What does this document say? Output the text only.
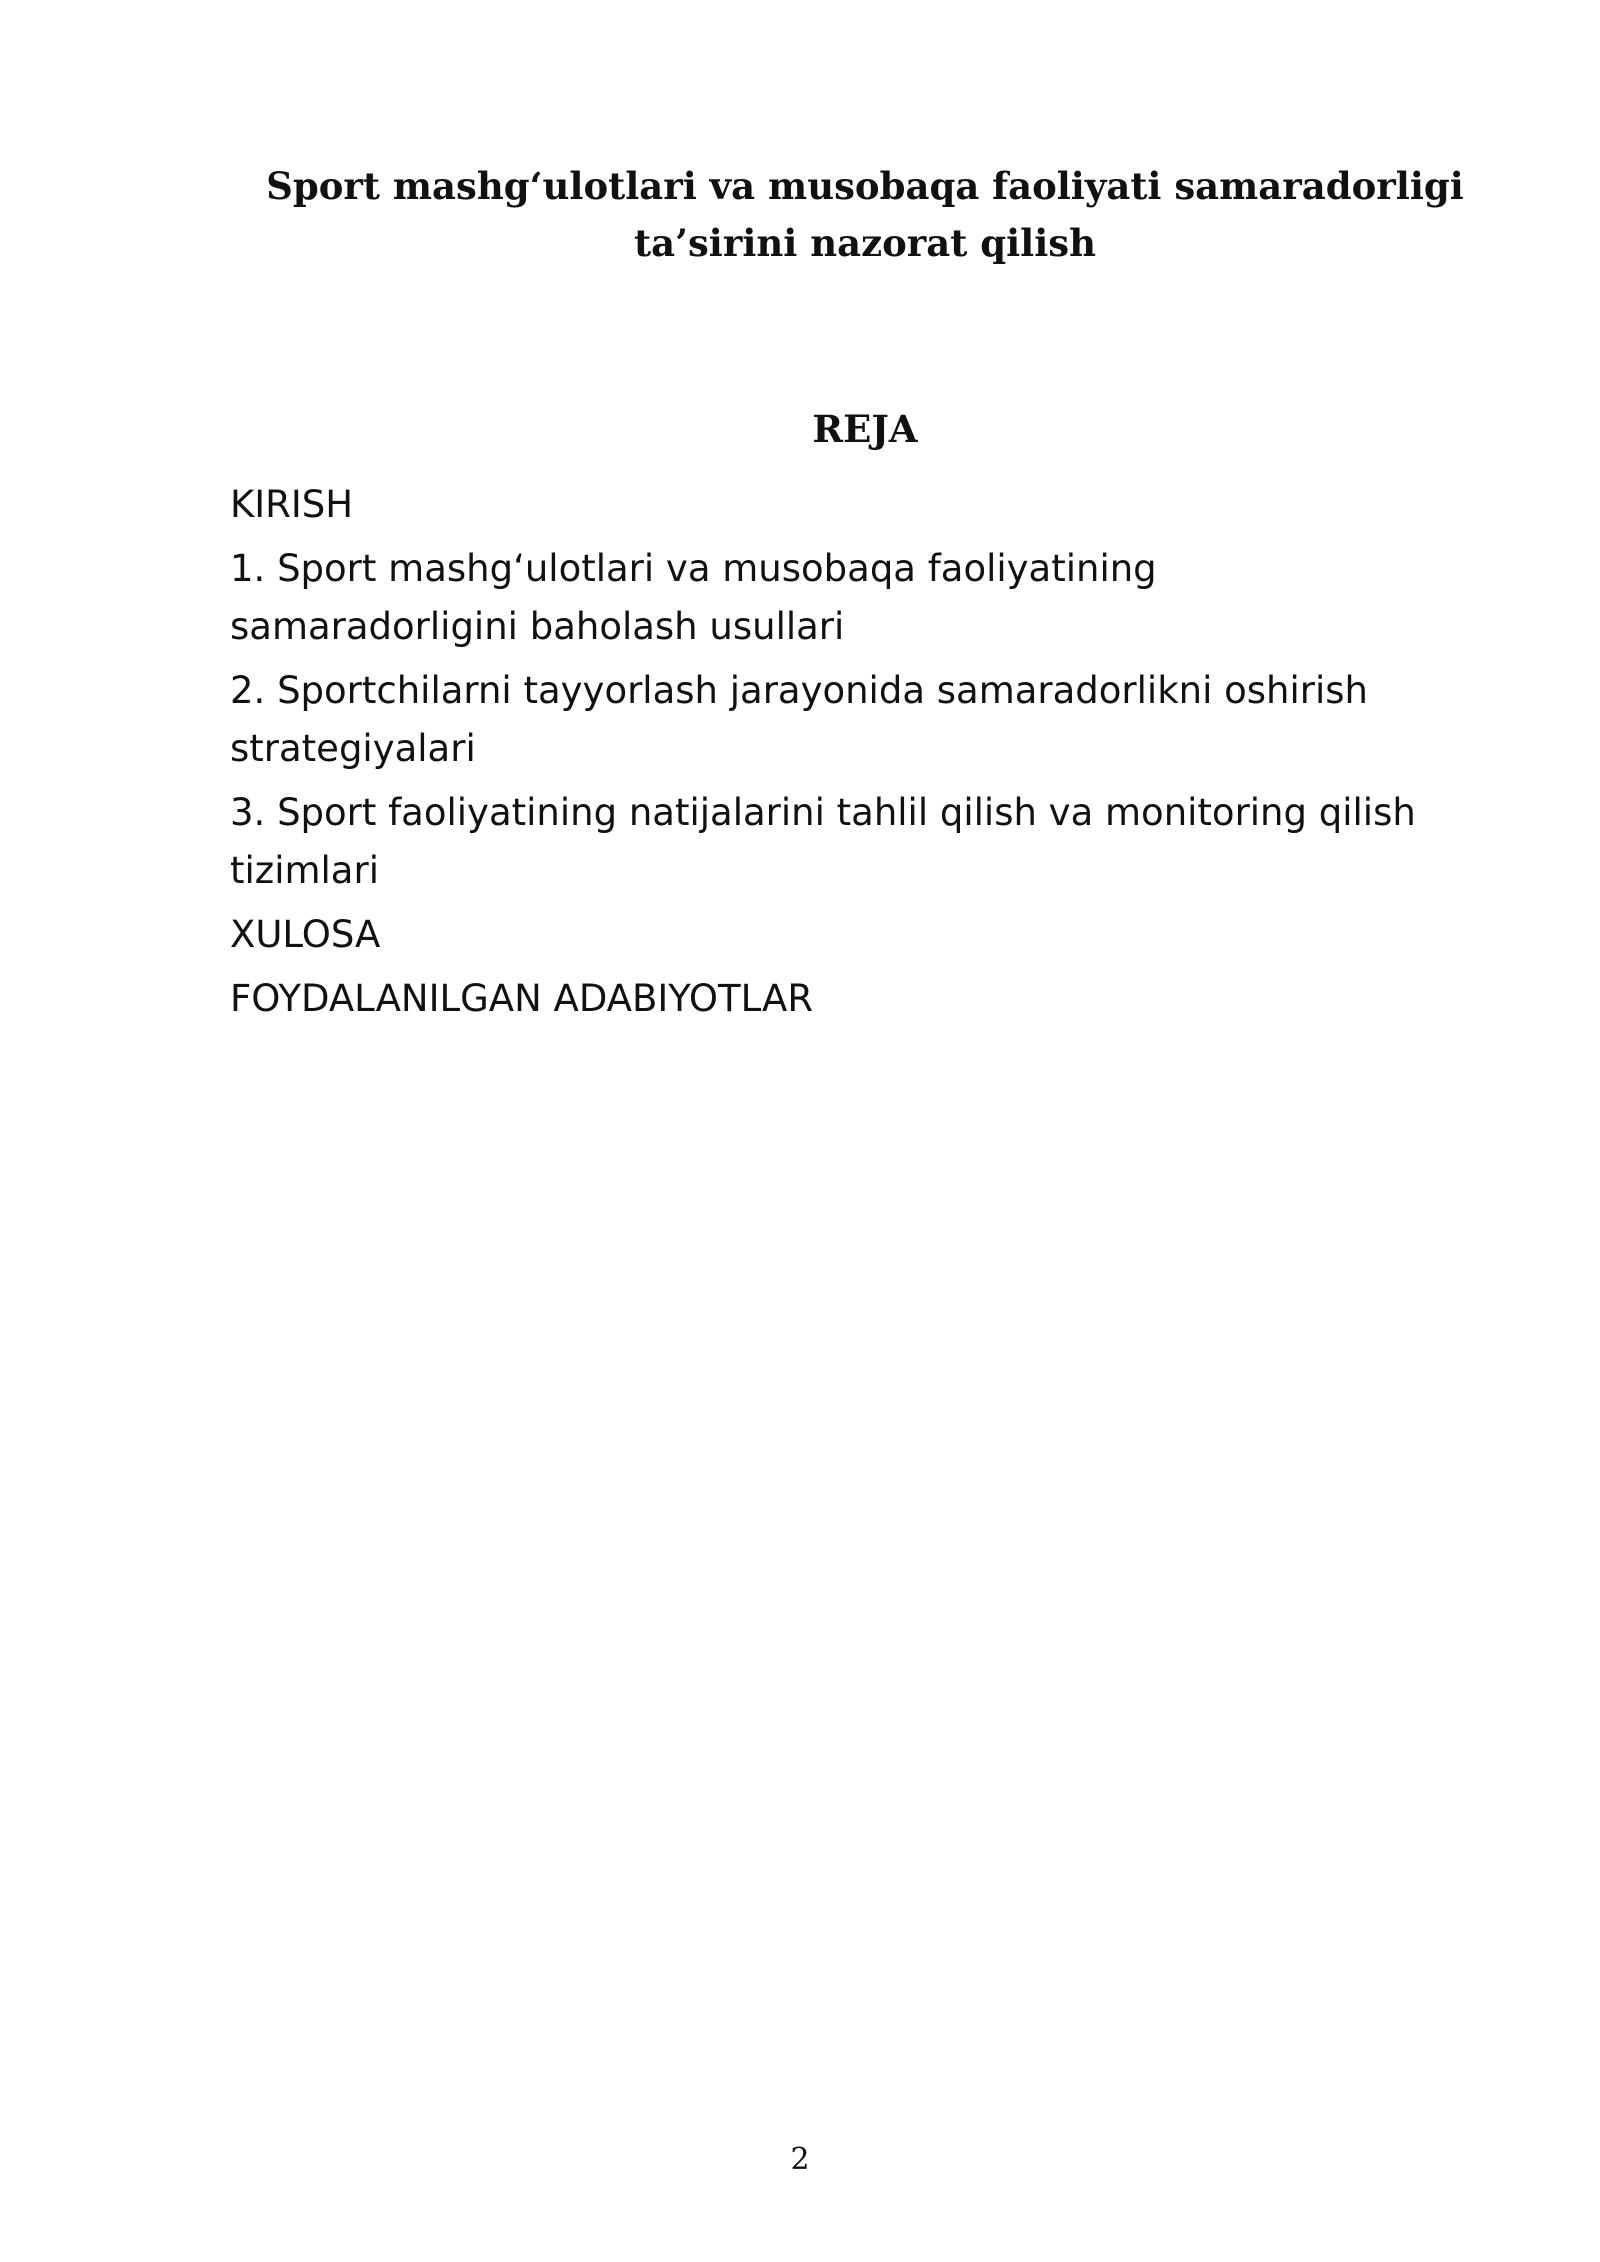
Sport mashg‘ulotlari va musobaqa faoliyati samaradorligi
ta’sirini nazorat qilish
REJA
KIRISH
1. Sport mashg‘ulotlari va musobaqa faoliyatining
samaradorligini baholash usullari
2. Sportchilarni tayyorlash jarayonida samaradorlikni oshirish
strategiyalari
3. Sport faoliyatining natijalarini tahlil qilish va monitoring qilish
tizimlari
XULOSA
FOYDALANILGAN ADABIYOTLAR
2
